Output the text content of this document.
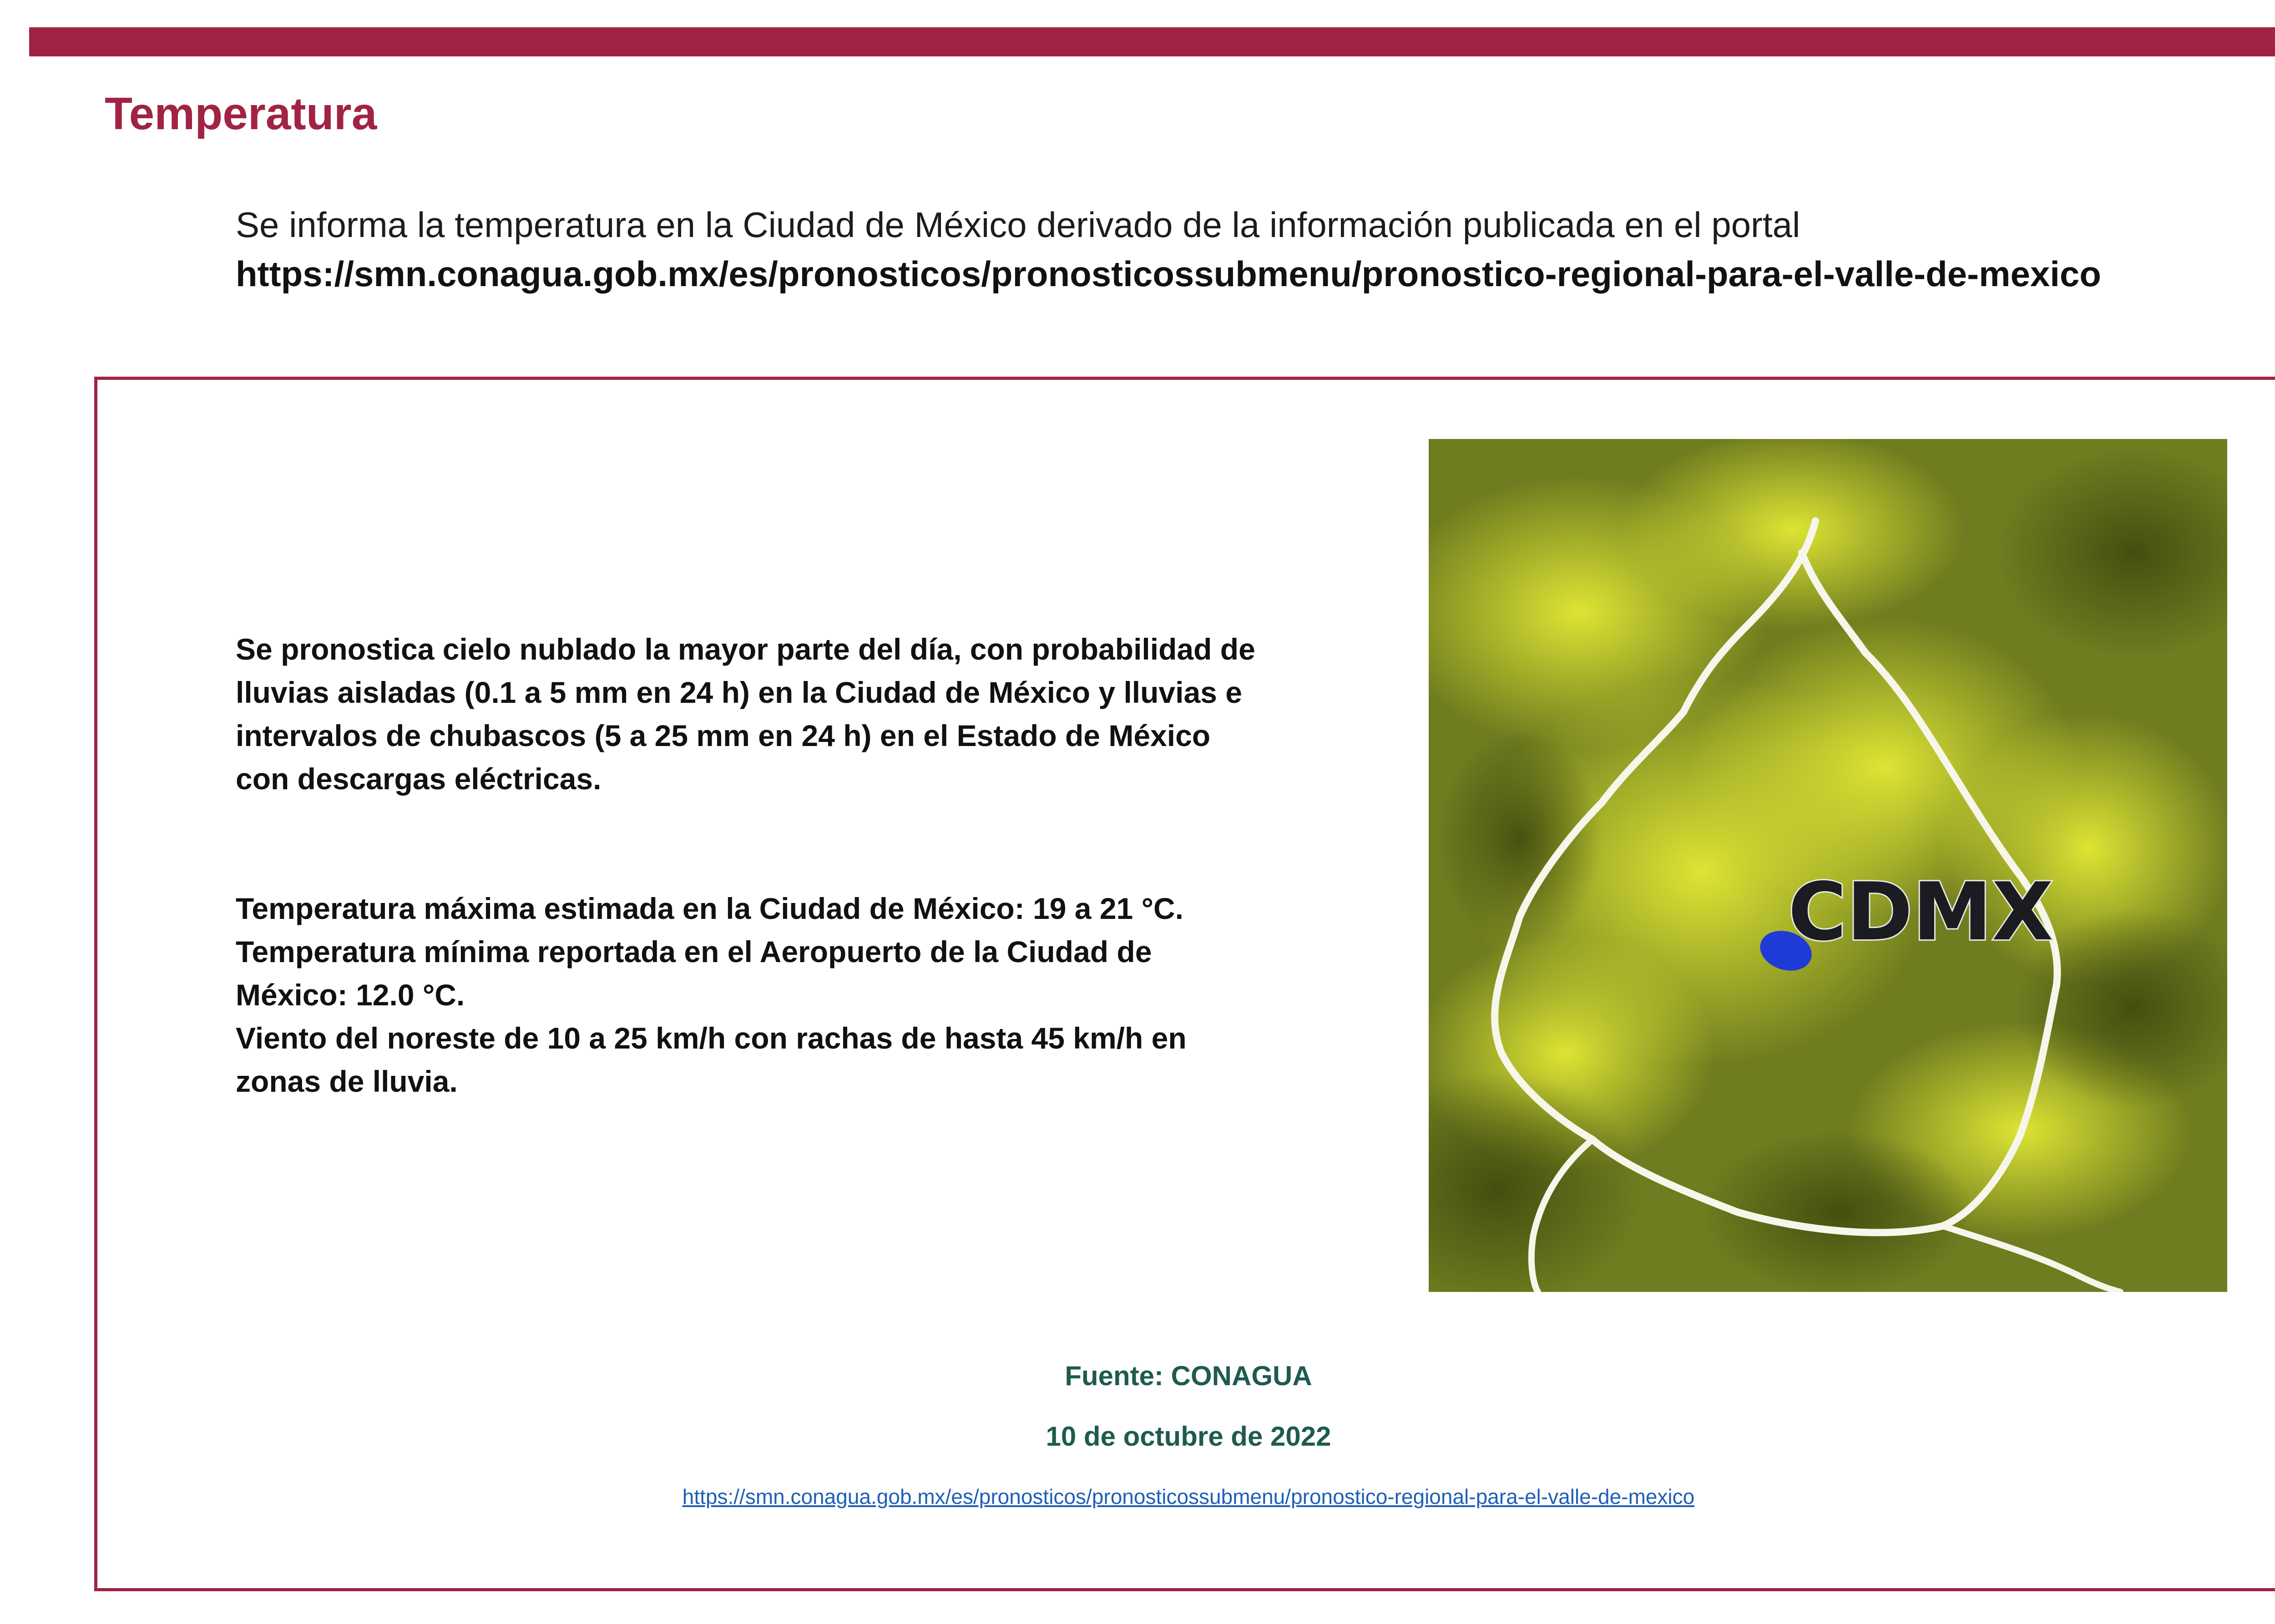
Temperatura
Se informa la temperatura en la Ciudad de México derivado de la información publicada en el portal
https://smn.conagua.gob.mx/es/pronosticos/pronosticossubmenu/pronostico-regional-para-el-valle-de-mexico

Se pronostica cielo nublado la mayor parte del día, con probabilidad de lluvias aisladas (0.1 a 5 mm en 24 h) en la Ciudad de México y lluvias e intervalos de chubascos (5 a 25 mm en 24 h) en el Estado de México con descargas eléctricas.

Temperatura máxima estimada en la Ciudad de México: 19 a 21 °C.

Temperatura mínima reportada en el Aeropuerto de la Ciudad de México: 12.0 °C.

Viento del noreste de 10 a 25 km/h con rachas de hasta 45 km/h en zonas de lluvia.

CDMX
Fuente: CONAGUA
10 de octubre de 2022
https://smn.conagua.gob.mx/es/pronosticos/pronosticossubmenu/pronostico-regional-para-el-valle-de-mexico
